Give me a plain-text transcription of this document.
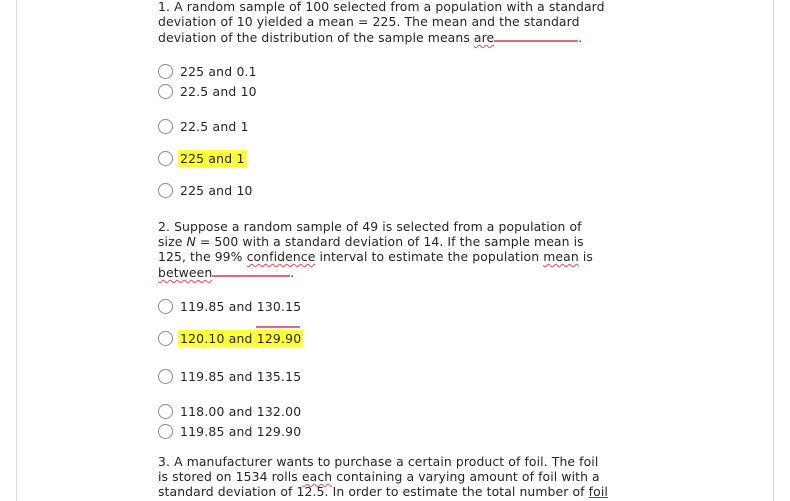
1. A random sample of 100 selected from a population with a standard

deviation of 10 yielded a mean = 225. The mean and the standard

deviation of the distribution of the sample means are	.

225 and 0.1
22.5 and 10
22.5 and 1
225 and 1
225 and 10

2. Suppose a random sample of 49 is selected from a population of

size N = 500 with a standard deviation of 14. If the sample mean is

125, the 99% confidence interval to estimate the population mean is

between	.

119.85 and 130.15
120.10 and 129.90
119.85 and 135.15
118.00 and 132.00
119.85 and 129.90

3. A manufacturer wants to purchase a certain product of foil. The foil

is stored on 1534 rolls each containing a varying amount of foil with a

standard deviation of 12.5. In order to estimate the total number of foil
